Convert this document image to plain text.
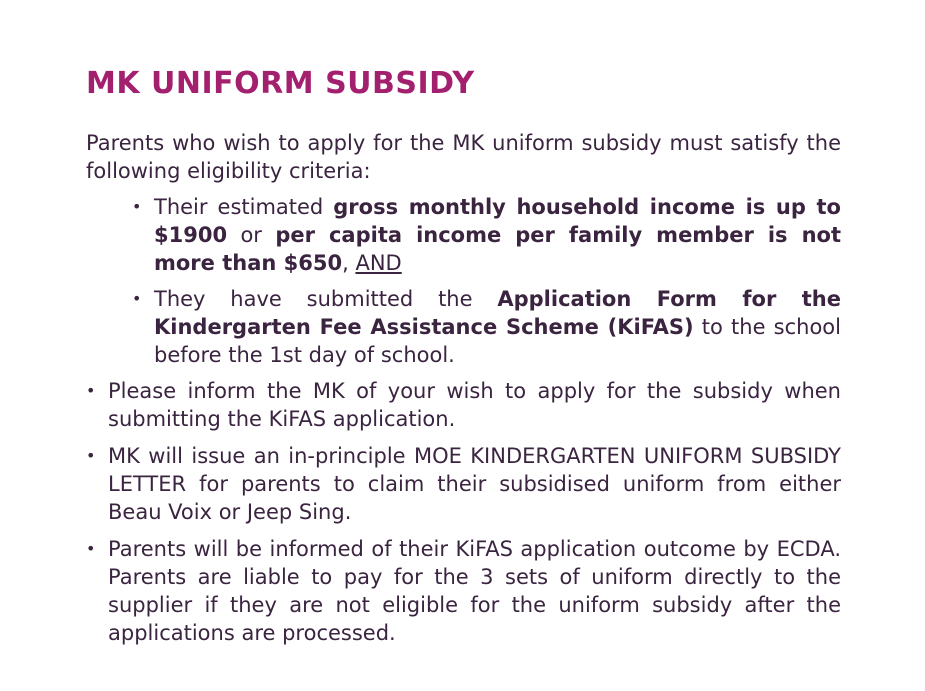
MK UNIFORM SUBSIDY

Parents who wish to apply for the MK uniform subsidy must satisfy the following eligibility criteria:

• Their estimated gross monthly household income is up to $1900 or per capita income per family member is not more than $650, AND
• They have submitted the Application Form for the Kindergarten Fee Assistance Scheme (KiFAS) to the school before the 1st day of school.
• Please inform the MK of your wish to apply for the subsidy when submitting the KiFAS application.
• MK will issue an in-principle MOE KINDERGARTEN UNIFORM SUBSIDY LETTER for parents to claim their subsidised uniform from either Beau Voix or Jeep Sing.
• Parents will be informed of their KiFAS application outcome by ECDA. Parents are liable to pay for the 3 sets of uniform directly to the supplier if they are not eligible for the uniform subsidy after the applications are processed.
